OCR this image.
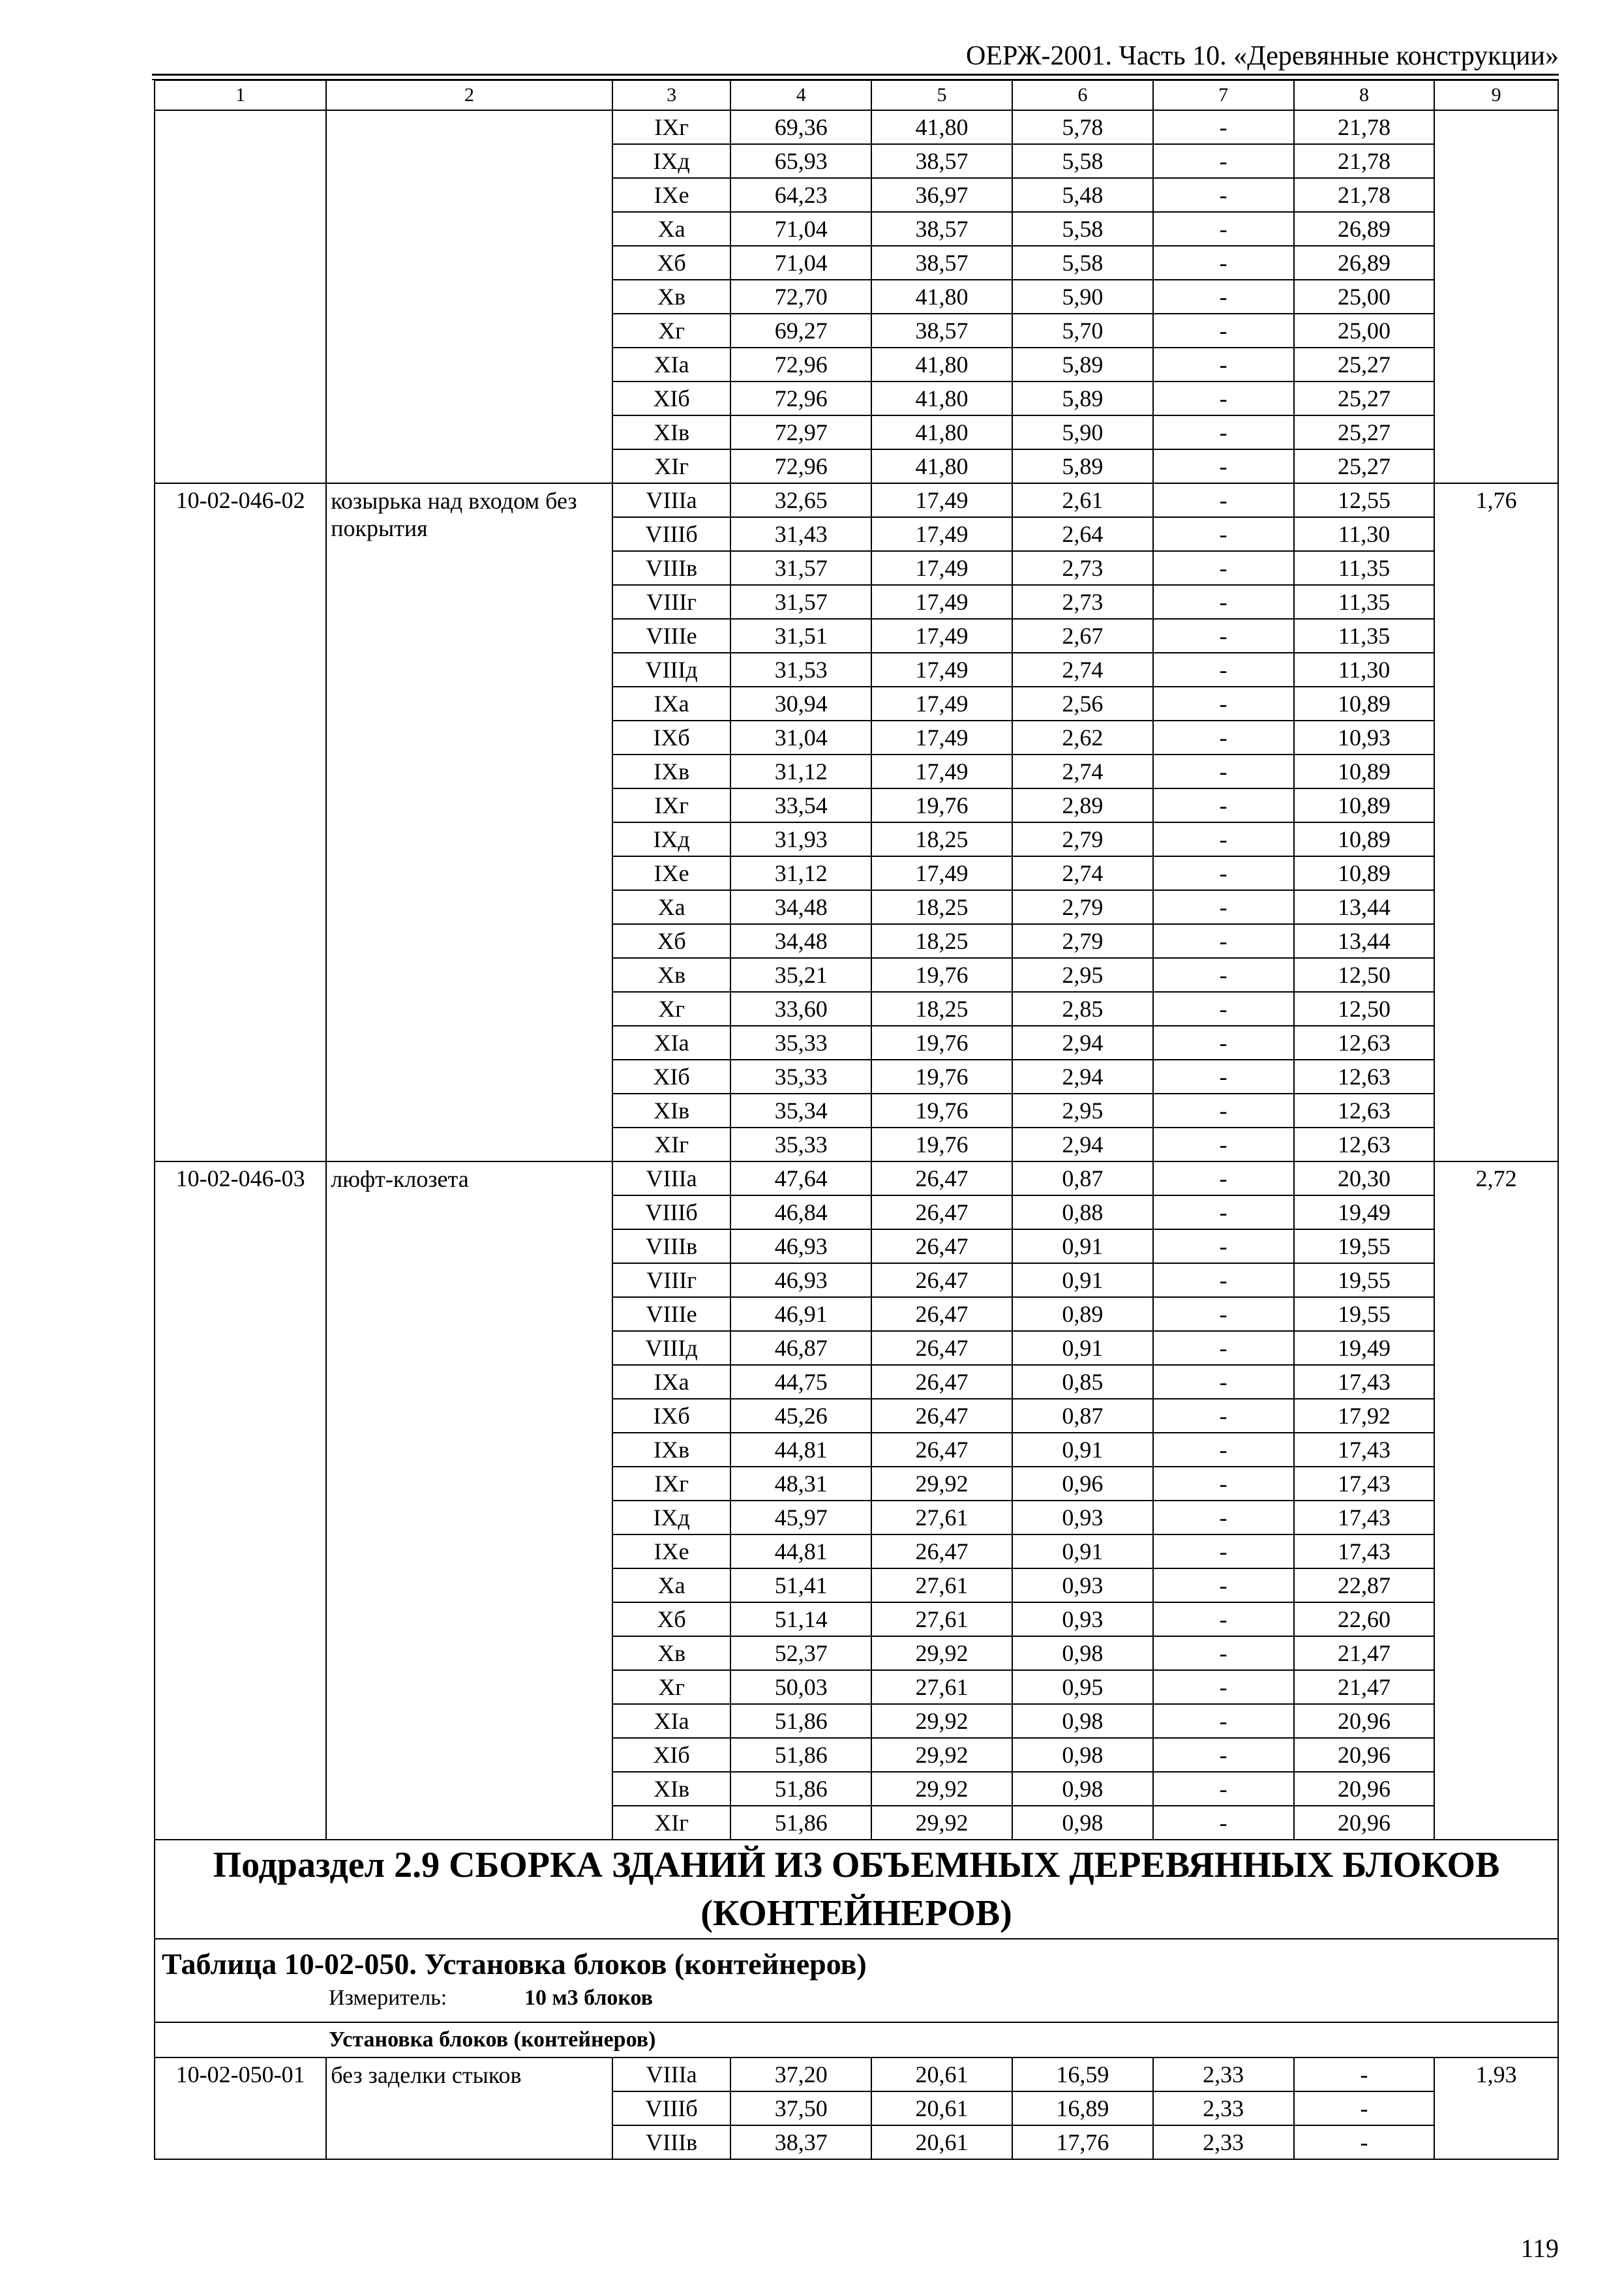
ОЕРЖ-2001. Часть 10. «Деревянные конструкции»
1	2	3	4	5	6	7	8	9
		IXг	69,36	41,80	5,78	-	21,78	
		IXд	65,93	38,57	5,58	-	21,78	
		IXе	64,23	36,97	5,48	-	21,78	
		Xa	71,04	38,57	5,58	-	26,89	
		Xб	71,04	38,57	5,58	-	26,89	
		Xв	72,70	41,80	5,90	-	25,00	
		Xг	69,27	38,57	5,70	-	25,00	
		XIa	72,96	41,80	5,89	-	25,27	
		XIб	72,96	41,80	5,89	-	25,27	
		XIв	72,97	41,80	5,90	-	25,27	
		XIг	72,96	41,80	5,89	-	25,27	
10-02-046-02	козырька над входом без покрытия	VIIIa	32,65	17,49	2,61	-	12,55	1,76
		VIIIб	31,43	17,49	2,64	-	11,30	
		VIIIв	31,57	17,49	2,73	-	11,35	
		VIIIг	31,57	17,49	2,73	-	11,35	
		VIIIе	31,51	17,49	2,67	-	11,35	
		VIIIд	31,53	17,49	2,74	-	11,30	
		IXa	30,94	17,49	2,56	-	10,89	
		IXб	31,04	17,49	2,62	-	10,93	
		IXв	31,12	17,49	2,74	-	10,89	
		IXг	33,54	19,76	2,89	-	10,89	
		IXд	31,93	18,25	2,79	-	10,89	
		IXе	31,12	17,49	2,74	-	10,89	
		Xa	34,48	18,25	2,79	-	13,44	
		Xб	34,48	18,25	2,79	-	13,44	
		Xв	35,21	19,76	2,95	-	12,50	
		Xг	33,60	18,25	2,85	-	12,50	
		XIa	35,33	19,76	2,94	-	12,63	
		XIб	35,33	19,76	2,94	-	12,63	
		XIв	35,34	19,76	2,95	-	12,63	
		XIг	35,33	19,76	2,94	-	12,63	
10-02-046-03	люфт-клозета	VIIIa	47,64	26,47	0,87	-	20,30	2,72
		VIIIб	46,84	26,47	0,88	-	19,49	
		VIIIв	46,93	26,47	0,91	-	19,55	
		VIIIг	46,93	26,47	0,91	-	19,55	
		VIIIе	46,91	26,47	0,89	-	19,55	
		VIIIд	46,87	26,47	0,91	-	19,49	
		IXa	44,75	26,47	0,85	-	17,43	
		IXб	45,26	26,47	0,87	-	17,92	
		IXв	44,81	26,47	0,91	-	17,43	
		IXг	48,31	29,92	0,96	-	17,43	
		IXд	45,97	27,61	0,93	-	17,43	
		IXе	44,81	26,47	0,91	-	17,43	
		Xa	51,41	27,61	0,93	-	22,87	
		Xб	51,14	27,61	0,93	-	22,60	
		Xв	52,37	29,92	0,98	-	21,47	
		Xг	50,03	27,61	0,95	-	21,47	
		XIa	51,86	29,92	0,98	-	20,96	
		XIб	51,86	29,92	0,98	-	20,96	
		XIв	51,86	29,92	0,98	-	20,96	
		XIг	51,86	29,92	0,98	-	20,96	
Подраздел 2.9 СБОРКА ЗДАНИЙ ИЗ ОБЪЕМНЫХ ДЕРЕВЯННЫХ БЛОКОВ (КОНТЕЙНЕРОВ)								

Таблица 10-02-050. Установка блоков (контейнеров)
Измеритель: 10 м3 блоков								

Установка блоков (контейнеров)								
10-02-050-01	без заделки стыков	VIIIa	37,20	20,61	16,59	2,33	-	1,93
		VIIIб	37,50	20,61	16,89	2,33	-	
		VIIIв	38,37	20,61	17,76	2,33	-	
119
